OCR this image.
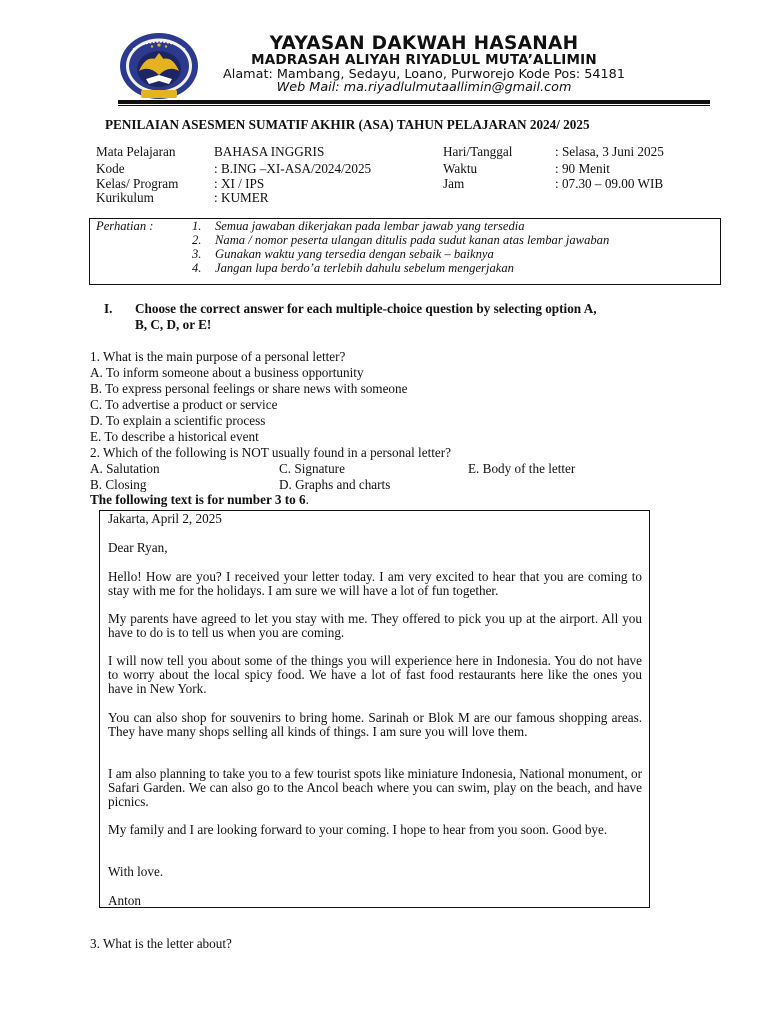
YAYASAN DAKWAH HASANAH
MADRASAH ALIYAH RIYADLUL MUTA’ALLIMIN
Alamat: Mambang, Sedayu, Loano, Purworejo Kode Pos: 54181
Web Mail: ma.riyadlulmutaallimin@gmail.com
PENILAIAN ASESMEN SUMATIF AKHIR (ASA) TAHUN PELAJARAN 2024/ 2025
Mata Pelajaran	BAHASA INGGRIS
Kode	: B.ING –XI-ASA/2024/2025
Kelas/ Program	: XI / IPS
Kurikulum	: KUMER
Hari/Tanggal	: Selasa, 3 Juni 2025
Waktu	: 90 Menit
Jam	: 07.30 – 09.00 WIB
Perhatian :	1. Semua jawaban dikerjakan pada lembar jawab yang tersedia
2. Nama / nomor peserta ulangan ditulis pada sudut kanan atas lembar jawaban
3. Gunakan waktu yang tersedia dengan sebaik – baiknya
4. Jangan lupa berdo’a terlebih dahulu sebelum mengerjakan
I. Choose the correct answer for each multiple-choice question by selecting option A,
B, C, D, or E!
1. What is the main purpose of a personal letter?
A. To inform someone about a business opportunity
B. To express personal feelings or share news with someone
C. To advertise a product or service
D. To explain a scientific process
E. To describe a historical event
2. Which of the following is NOT usually found in a personal letter?
A. Salutation	C. Signature	E. Body of the letter
B. Closing	D. Graphs and charts
The following text is for number 3 to 6.
Jakarta, April 2, 2025
Dear Ryan,
Hello! How are you? I received your letter today. I am very excited to hear that you are coming to stay with me for the holidays. I am sure we will have a lot of fun together.
My parents have agreed to let you stay with me. They offered to pick you up at the airport. All you have to do is to tell us when you are coming.
I will now tell you about some of the things you will experience here in Indonesia. You do not have to worry about the local spicy food. We have a lot of fast food restaurants here like the ones you have in New York.
You can also shop for souvenirs to bring home. Sarinah or Blok M are our famous shopping areas. They have many shops selling all kinds of things. I am sure you will love them.
I am also planning to take you to a few tourist spots like miniature Indonesia, National monument, or Safari Garden. We can also go to the Ancol beach where you can swim, play on the beach, and have picnics.
My family and I are looking forward to your coming. I hope to hear from you soon. Good bye.
With love.
Anton
3. What is the letter about?
